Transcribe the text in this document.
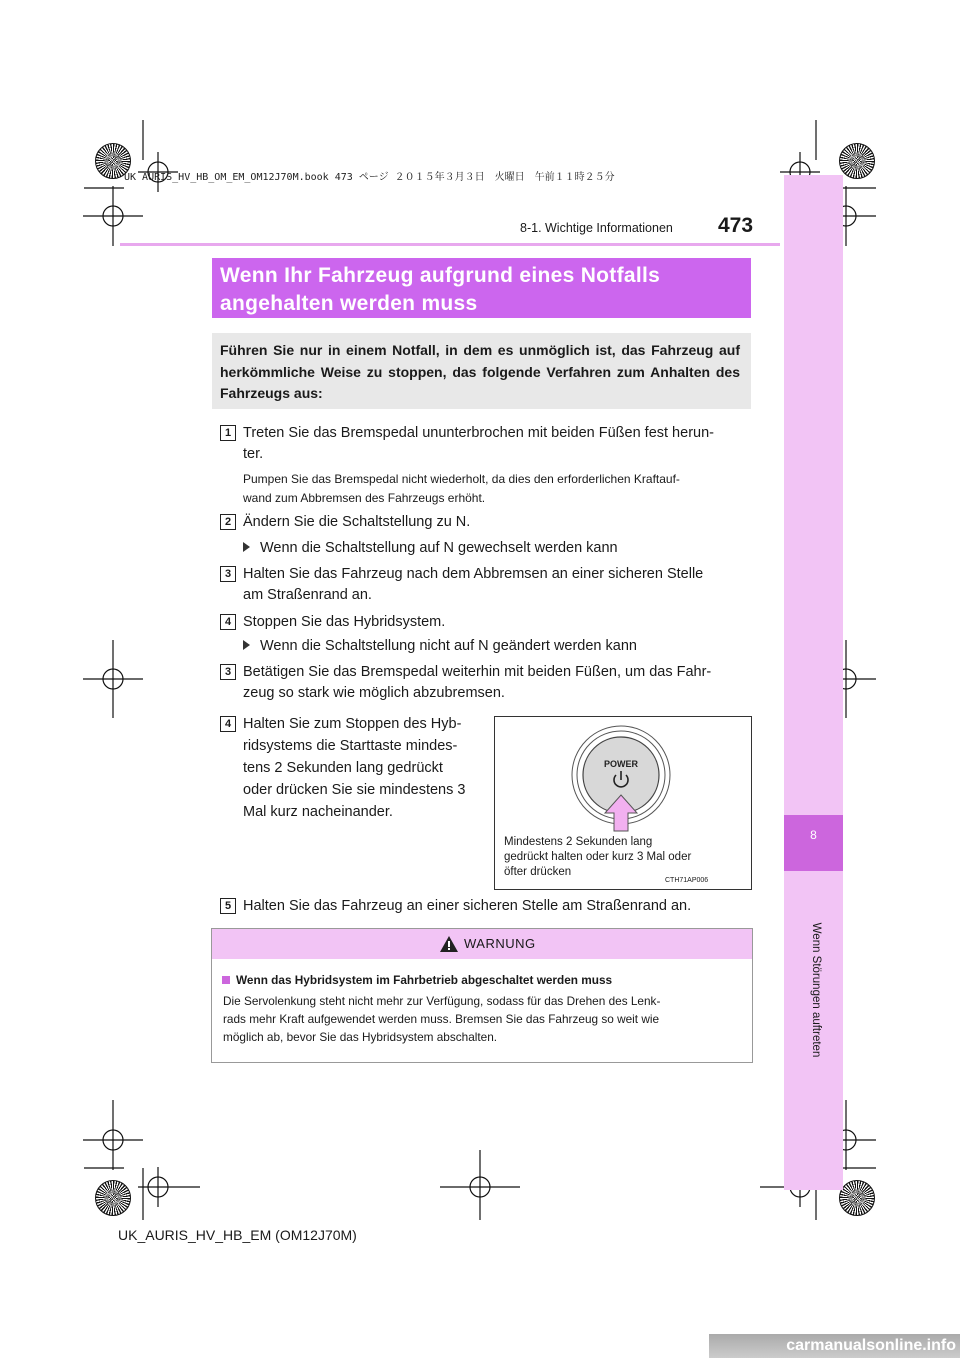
UK AURIS_HV_HB_OM_EM_OM12J70M.book 473 ページ ２０１５年３月３日　火曜日　午前１１時２５分
8
Wenn Störungen auftreten
8-1. Wichtige Informationen 473
Wenn Ihr Fahrzeug aufgrund eines Notfalls
angehalten werden muss
Führen Sie nur in einem Notfall, in dem es unmöglich ist, das Fahrzeug auf herkömmliche Weise zu stoppen, das folgende Verfahren zum Anhalten des Fahrzeugs aus:
1 Treten Sie das Bremspedal ununterbrochen mit beiden Füßen fest herun-
ter.
Pumpen Sie das Bremspedal nicht wiederholt, da dies den erforderlichen Kraftauf-
wand zum Abbremsen des Fahrzeugs erhöht.
2 Ändern Sie die Schaltstellung zu N.
Wenn die Schaltstellung auf N gewechselt werden kann
3 Halten Sie das Fahrzeug nach dem Abbremsen an einer sicheren Stelle
am Straßenrand an.
4 Stoppen Sie das Hybridsystem.
Wenn die Schaltstellung nicht auf N geändert werden kann
3 Betätigen Sie das Bremspedal weiterhin mit beiden Füßen, um das Fahr-
zeug so stark wie möglich abzubremsen.
4 Halten Sie zum Stoppen des Hyb-
ridsystems die Starttaste mindes-
tens 2 Sekunden lang gedrückt
oder drücken Sie sie mindestens 3
Mal kurz nacheinander.
POWER
Mindestens 2 Sekunden lang
gedrückt halten oder kurz 3 Mal oder
öfter drücken
CTH71AP006
5 Halten Sie das Fahrzeug an einer sicheren Stelle am Straßenrand an.
WARNUNG
Wenn das Hybridsystem im Fahrbetrieb abgeschaltet werden muss
Die Servolenkung steht nicht mehr zur Verfügung, sodass für das Drehen des Lenk-
rads mehr Kraft aufgewendet werden muss. Bremsen Sie das Fahrzeug so weit wie
möglich ab, bevor Sie das Hybridsystem abschalten.
UK_AURIS_HV_HB_EM (OM12J70M)
carmanualsonline.info
